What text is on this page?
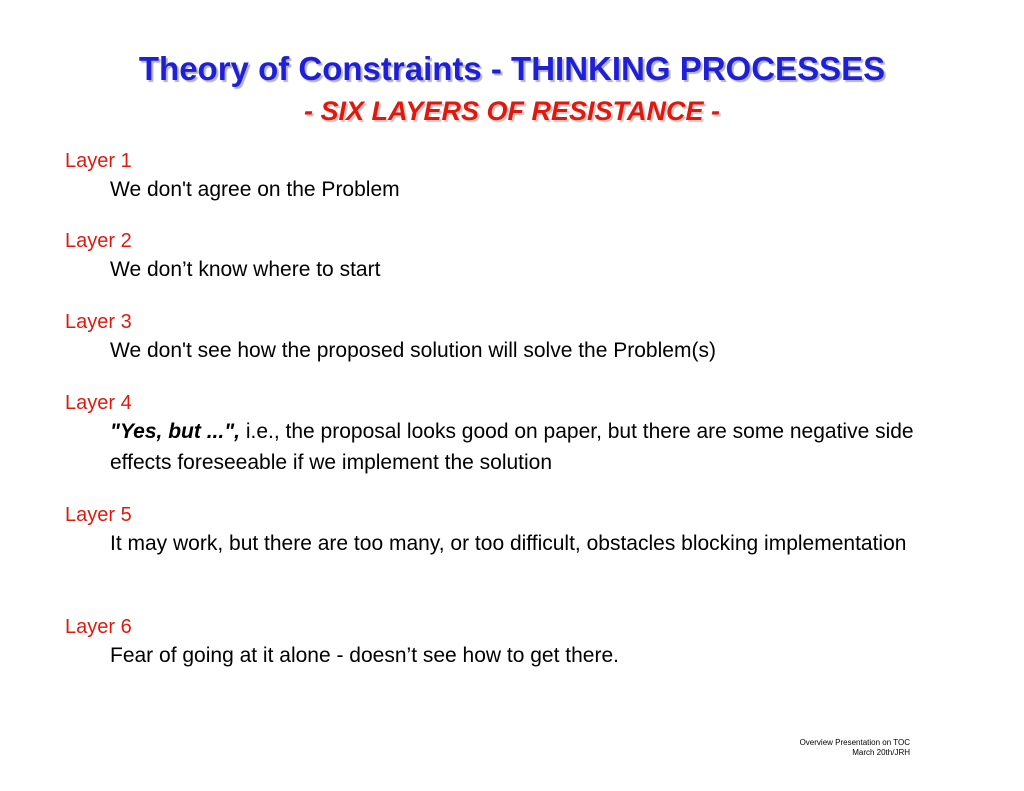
Theory of Constraints - THINKING PROCESSES
- SIX LAYERS OF RESISTANCE -
Layer 1
We don't agree on the Problem
Layer 2
We don’t know where to start
Layer 3
We don't see how the proposed solution will solve the Problem(s)
Layer 4
"Yes, but ...", i.e., the proposal looks good on paper, but there are some negative side effects foreseeable if we implement the solution
Layer 5
It may work, but there are too many, or too difficult, obstacles blocking implementation
Layer 6
Fear of going at it alone - doesn’t see how to get there.
Overview Presentation on TOC
March 20th/JRH
